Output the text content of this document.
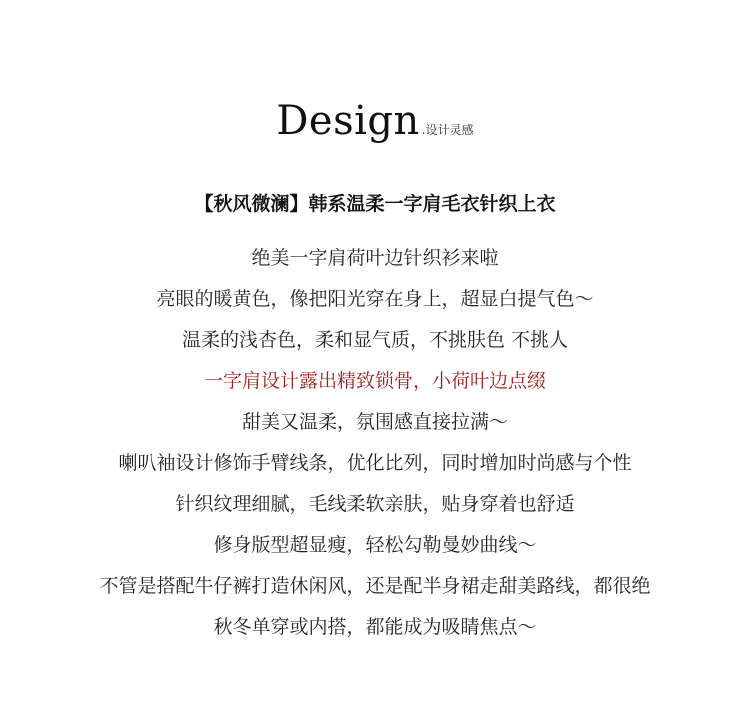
Design .设计灵感
【秋风微澜】韩系温柔一字肩毛衣针织上衣
绝美一字肩荷叶边针织衫来啦
亮眼的暖黄色，像把阳光穿在身上，超显白提气色～
温柔的浅杏色，柔和显气质，不挑肤色 不挑人
一字肩设计露出精致锁骨，小荷叶边点缀
甜美又温柔，氛围感直接拉满～
喇叭袖设计修饰手臂线条，优化比列，同时增加时尚感与个性
针织纹理细腻，毛线柔软亲肤，贴身穿着也舒适
修身版型超显瘦，轻松勾勒曼妙曲线～
不管是搭配牛仔裤打造休闲风，还是配半身裙走甜美路线，都很绝
秋冬单穿或内搭，都能成为吸睛焦点～
